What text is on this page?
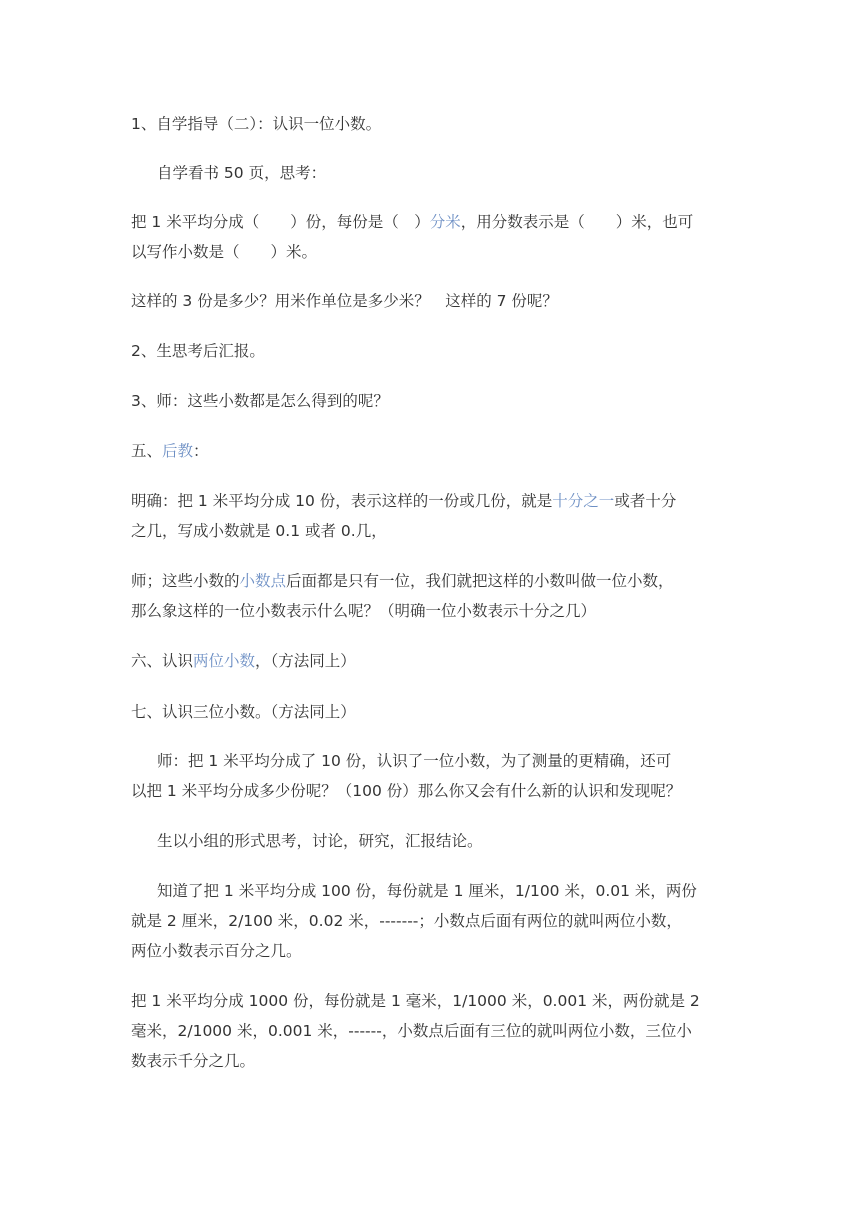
1、自学指导（二）：认识一位小数。

自学看书 50 页，思考：

把 1 米平均分成（　　）份，每份是（　）分米，用分数表示是（　　）米，也可
以写作小数是（　　）米。

这样的 3 份是多少？用米作单位是多少米？　这样的 7 份呢？

2、生思考后汇报。

3、师：这些小数都是怎么得到的呢？

五、后教：

明确：把 1 米平均分成 10 份，表示这样的一份或几份，就是十分之一或者十分
之几，写成小数就是 0.1 或者 0.几，

师；这些小数的小数点后面都是只有一位，我们就把这样的小数叫做一位小数，
那么象这样的一位小数表示什么呢？（明确一位小数表示十分之几）

六、认识两位小数，（方法同上）

七、认识三位小数。（方法同上）

师：把 1 米平均分成了 10 份，认识了一位小数，为了测量的更精确，还可
以把 1 米平均分成多少份呢？（100 份）那么你又会有什么新的认识和发现呢？

生以小组的形式思考，讨论，研究，汇报结论。

知道了把 1 米平均分成 100 份，每份就是 1 厘米，1/100 米，0.01 米，两份
就是 2 厘米，2/100 米，0.02 米，-------；小数点后面有两位的就叫两位小数，
两位小数表示百分之几。

把 1 米平均分成 1000 份，每份就是 1 毫米，1/1000 米，0.001 米，两份就是 2
毫米，2/1000 米，0.001 米，------，小数点后面有三位的就叫两位小数，三位小
数表示千分之几。
